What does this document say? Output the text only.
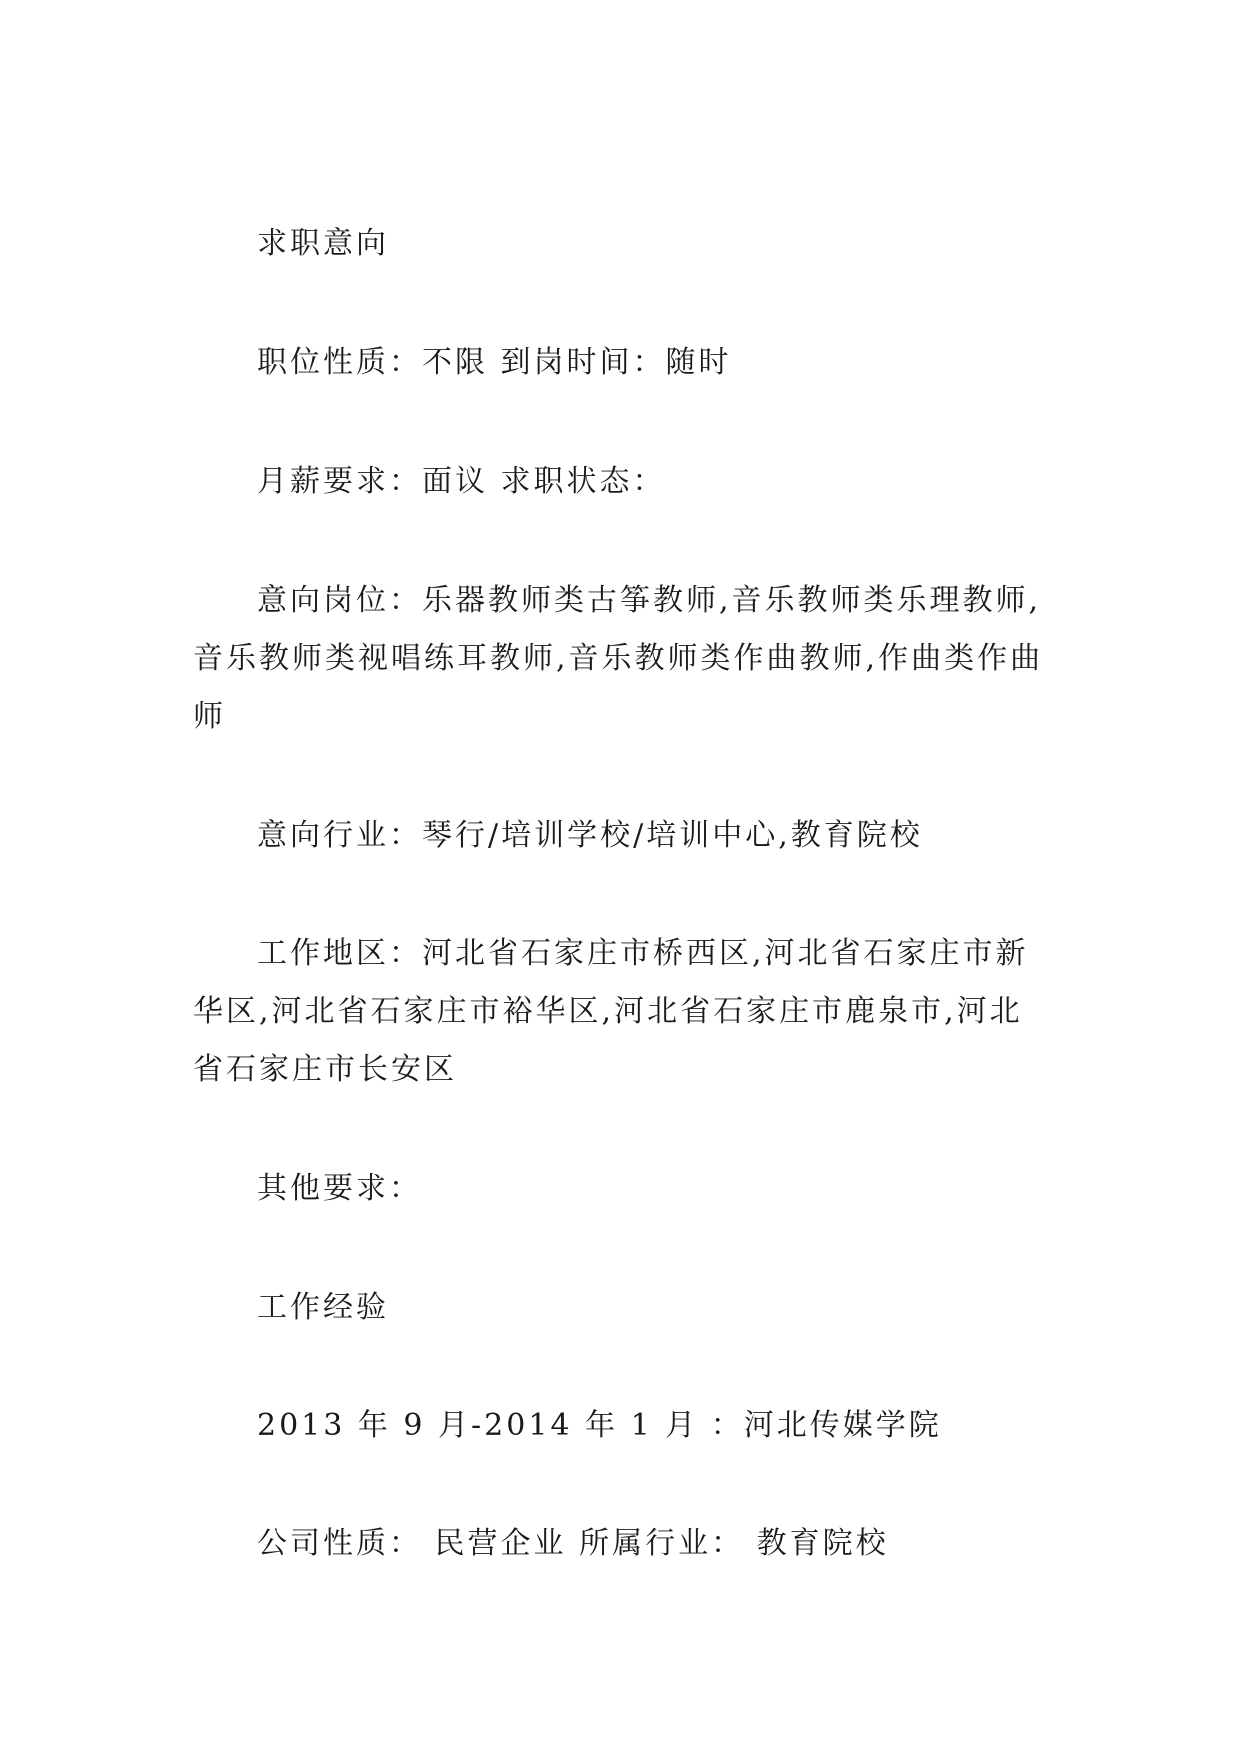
求职意向

职位性质：不限 到岗时间：随时

月薪要求：面议 求职状态：

意向岗位：乐器教师类古筝教师,音乐教师类乐理教师,音乐教师类视唱练耳教师,音乐教师类作曲教师,作曲类作曲师

意向行业：琴行/培训学校/培训中心,教育院校

工作地区：河北省石家庄市桥西区,河北省石家庄市新华区,河北省石家庄市裕华区,河北省石家庄市鹿泉市,河北省石家庄市长安区

其他要求：

工作经验

2013 年 9 月-2014 年 1 月 ：河北传媒学院

公司性质： 民营企业 所属行业： 教育院校
